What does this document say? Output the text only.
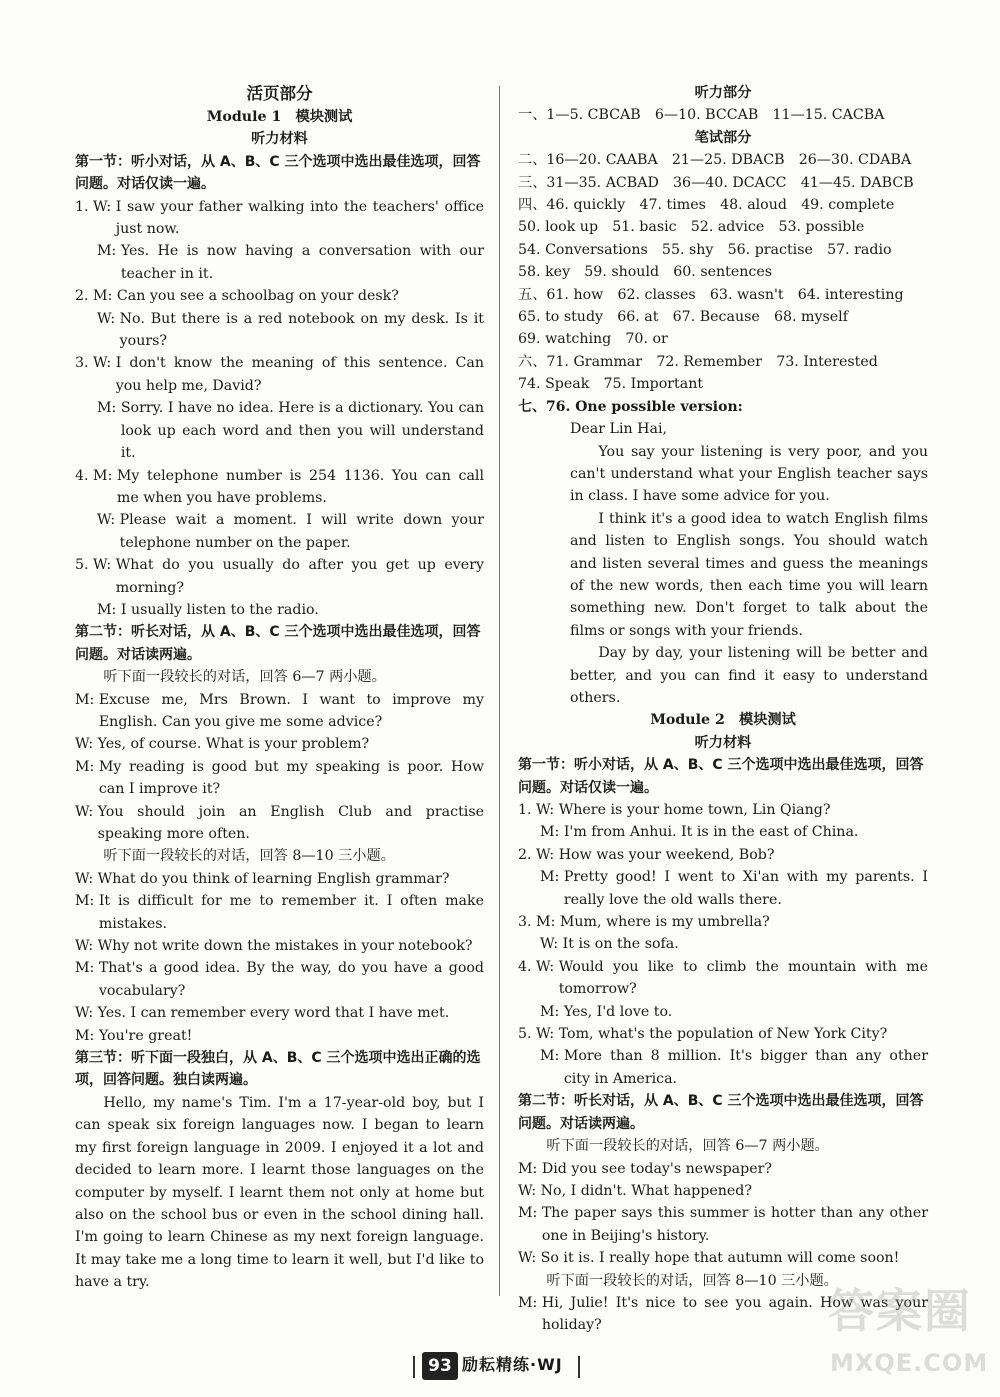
活页部分
Module 1　模块测试
听力材料
第一节：听小对话，从 A、B、C 三个选项中选出最佳选项，回答问题。对话仅读一遍。
1. W: I saw your father walking into the teachers' office just now.
M: Yes. He is now having a conversation with our teacher in it.
2. M: Can you see a schoolbag on your desk?
W: No. But there is a red notebook on my desk. Is it yours?
3. W: I don't know the meaning of this sentence. Can you help me, David?
M: Sorry. I have no idea. Here is a dictionary. You can look up each word and then you will understand it.
4. M: My telephone number is 254 1136. You can call me when you have problems.
W: Please wait a moment. I will write down your telephone number on the paper.
5. W: What do you usually do after you get up every morning?
M: I usually listen to the radio.
第二节：听长对话，从 A、B、C 三个选项中选出最佳选项，回答问题。对话读两遍。
听下面一段较长的对话，回答 6—7 两小题。
M: Excuse me, Mrs Brown. I want to improve my English. Can you give me some advice?
W: Yes, of course. What is your problem?
M: My reading is good but my speaking is poor. How can I improve it?
W: You should join an English Club and practise speaking more often.
听下面一段较长的对话，回答 8—10 三小题。
W: What do you think of learning English grammar?
M: It is difficult for me to remember it. I often make mistakes.
W: Why not write down the mistakes in your notebook?
M: That's a good idea. By the way, do you have a good vocabulary?
W: Yes. I can remember every word that I have met.
M: You're great!
第三节：听下面一段独白，从 A、B、C 三个选项中选出正确的选项，回答问题。独白读两遍。
Hello, my name's Tim. I'm a 17-year-old boy, but I can speak six foreign languages now. I began to learn my first foreign language in 2009. I enjoyed it a lot and decided to learn more. I learnt those languages on the computer by myself. I learnt them not only at home but also on the school bus or even in the school dining hall. I'm going to learn Chinese as my next foreign language. It may take me a long time to learn it well, but I'd like to have a try.
听力部分
一、1—5. CBCAB　6—10. BCCAB　11—15. CACBA
笔试部分
二、16—20. CAABA　21—25. DBACB　26—30. CDABA
三、31—35. ACBAD　36—40. DCACC　41—45. DABCB
四、46. quickly　47. times　48. aloud　49. complete
50. look up　51. basic　52. advice　53. possible
54. Conversations　55. shy　56. practise　57. radio
58. key　59. should　60. sentences
五、61. how　62. classes　63. wasn't　64. interesting
65. to study　66. at　67. Because　68. myself
69. watching　70. or
六、71. Grammar　72. Remember　73. Interested
74. Speak　75. Important
七、76. One possible version:
Dear Lin Hai,
You say your listening is very poor, and you can't understand what your English teacher says in class. I have some advice for you.
I think it's a good idea to watch English films and listen to English songs. You should watch and listen several times and guess the meanings of the new words, then each time you will learn something new. Don't forget to talk about the films or songs with your friends.
Day by day, your listening will be better and better, and you can find it easy to understand others.
Module 2　模块测试
听力材料
第一节：听小对话，从 A、B、C 三个选项中选出最佳选项，回答问题。对话仅读一遍。
1. W: Where is your home town, Lin Qiang?
M: I'm from Anhui. It is in the east of China.
2. W: How was your weekend, Bob?
M: Pretty good! I went to Xi'an with my parents. I really love the old walls there.
3. M: Mum, where is my umbrella?
W: It is on the sofa.
4. W: Would you like to climb the mountain with me tomorrow?
M: Yes, I'd love to.
5. W: Tom, what's the population of New York City?
M: More than 8 million. It's bigger than any other city in America.
第二节：听长对话，从 A、B、C 三个选项中选出最佳选项，回答问题。对话读两遍。
听下面一段较长的对话，回答 6—7 两小题。
M: Did you see today's newspaper?
W: No, I didn't. What happened?
M: The paper says this summer is hotter than any other one in Beijing's history.
W: So it is. I really hope that autumn will come soon!
听下面一段较长的对话，回答 8—10 三小题。
M: Hi, Julie! It's nice to see you again. How was your holiday?
93 励耘精练·WJ
答案圈
MXQE.COM
